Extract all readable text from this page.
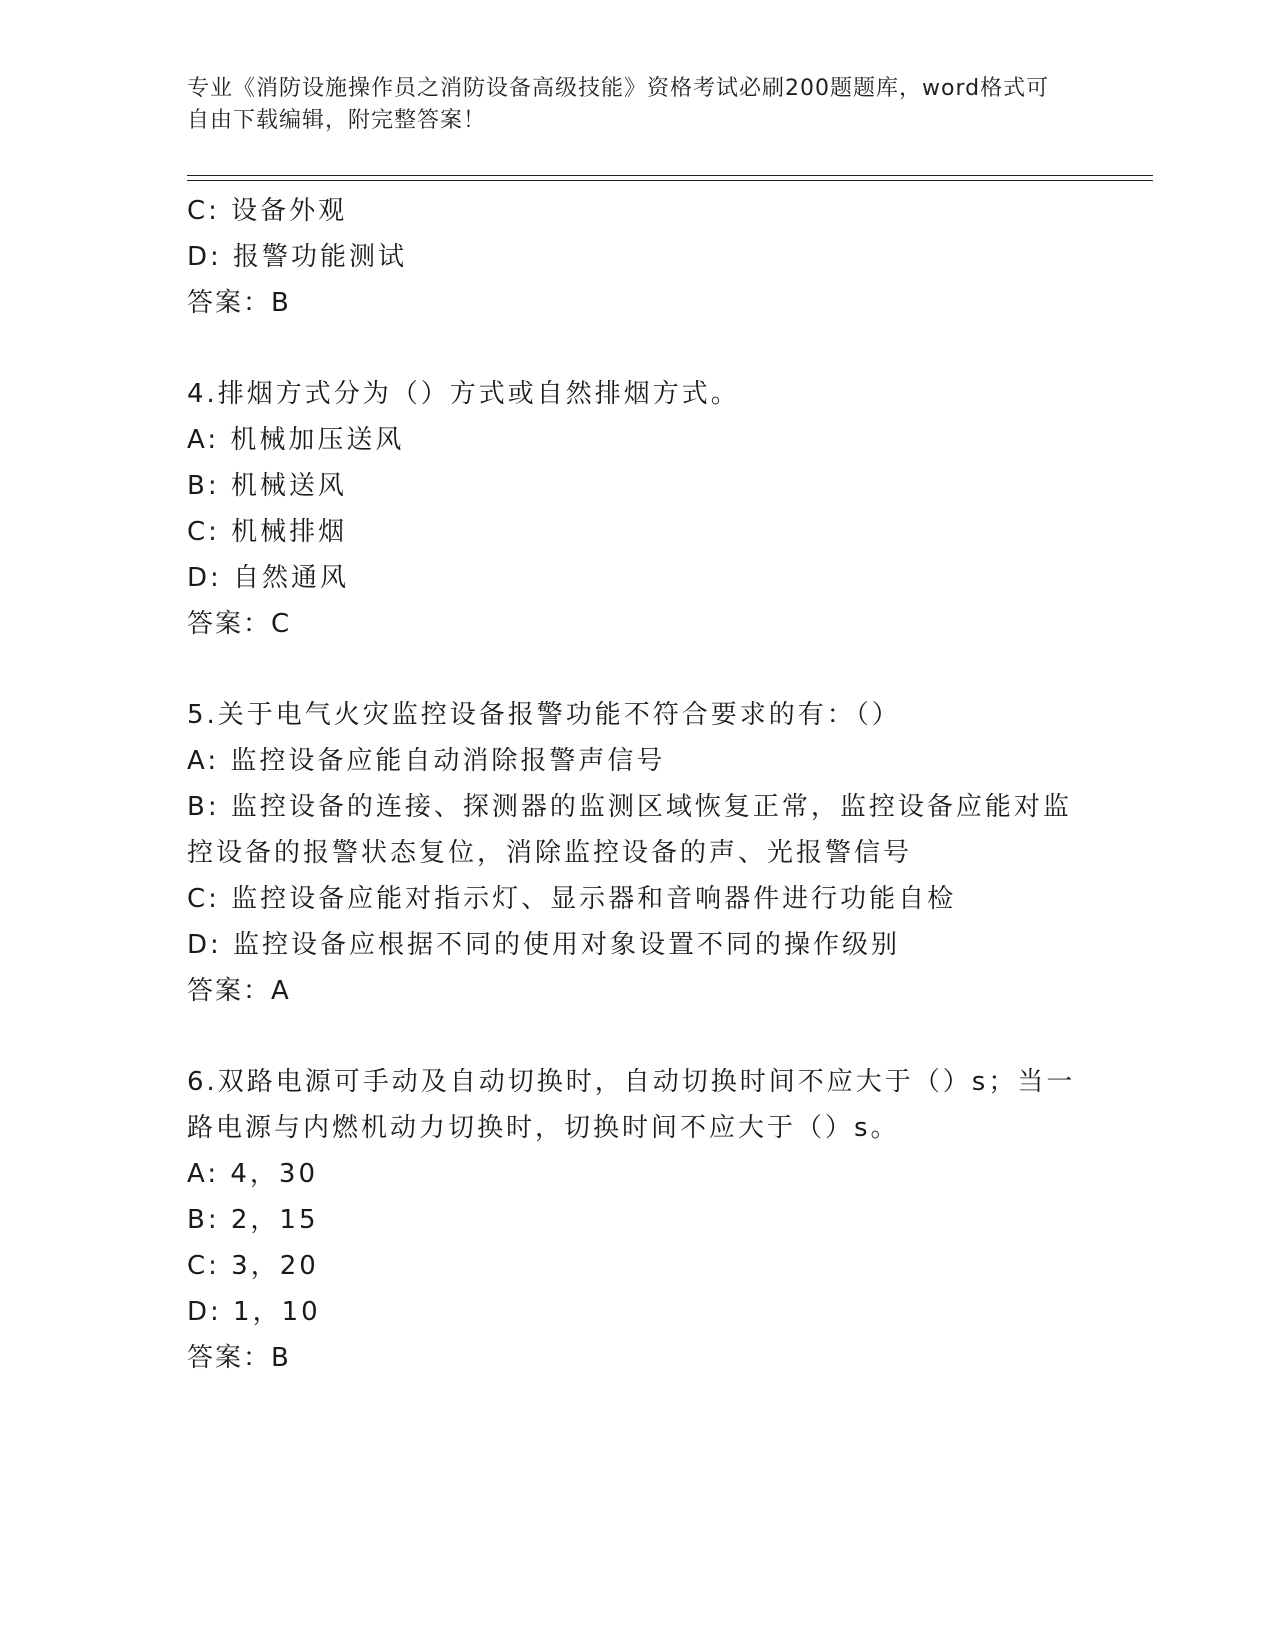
专业《消防设施操作员之消防设备高级技能》资格考试必刷200题题库，word格式可自由下载编辑，附完整答案！
C: 设备外观
D: 报警功能测试
答案：B
4.排烟方式分为（）方式或自然排烟方式。
A: 机械加压送风
B: 机械送风
C: 机械排烟
D: 自然通风
答案：C
5.关于电气火灾监控设备报警功能不符合要求的有：（）
A: 监控设备应能自动消除报警声信号
B: 监控设备的连接、探测器的监测区域恢复正常，监控设备应能对监控设备的报警状态复位，消除监控设备的声、光报警信号
C: 监控设备应能对指示灯、显示器和音响器件进行功能自检
D: 监控设备应根据不同的使用对象设置不同的操作级别
答案：A
6.双路电源可手动及自动切换时，自动切换时间不应大于（）s；当一路电源与内燃机动力切换时，切换时间不应大于（）s。
A: 4，30
B: 2，15
C: 3，20
D: 1，10
答案：B
